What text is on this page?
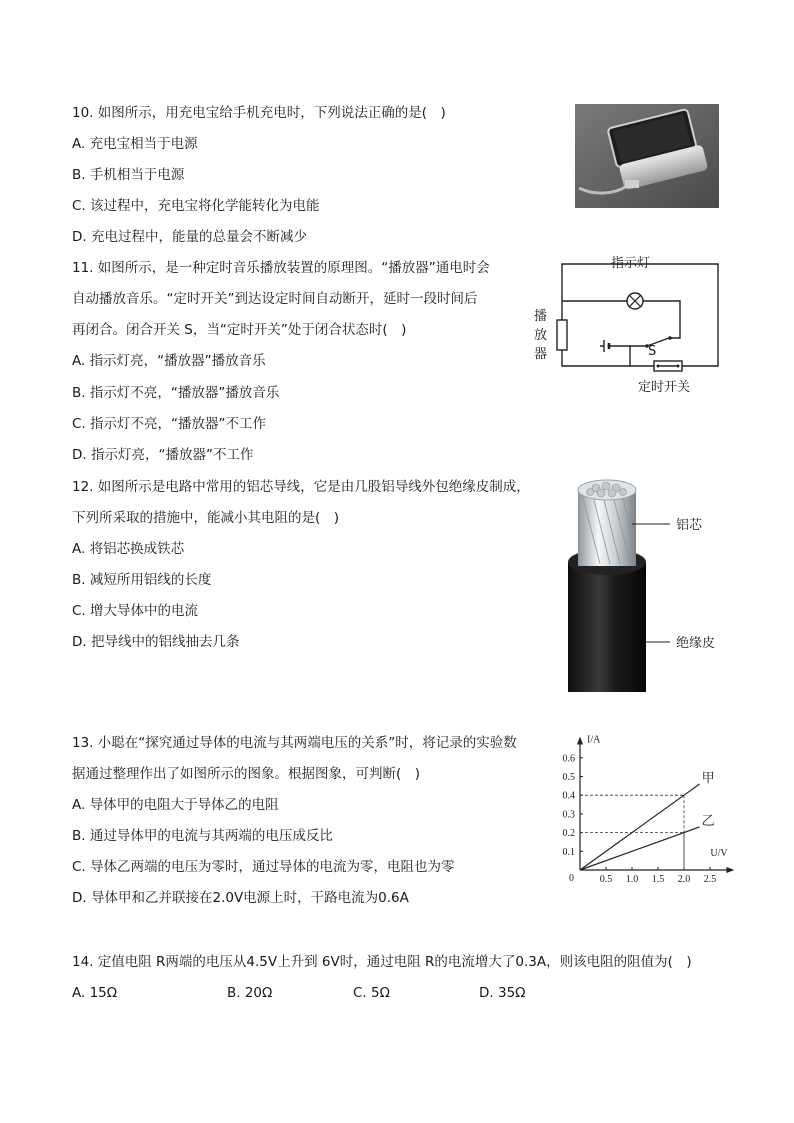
10. 如图所示，用充电宝给手机充电时，下列说法正确的是(　)
A. 充电宝相当于电源
B. 手机相当于电源
C. 该过程中，充电宝将化学能转化为电能
D. 充电过程中，能量的总量会不断减少
11. 如图所示，是一种定时音乐播放装置的原理图。“播放器”通电时会
自动播放音乐。“定时开关”到达设定时间自动断开，延时一段时间后
再闭合。闭合开关 S，当“定时开关”处于闭合状态时(　)
A. 指示灯亮，“播放器”播放音乐
B. 指示灯不亮，“播放器”播放音乐
C. 指示灯不亮，“播放器”不工作
D. 指示灯亮，“播放器”不工作
指示灯
播
放
器	S
定时开关
12. 如图所示是电路中常用的铝芯导线，它是由几股铝导线外包绝缘皮制成，
下列所采取的措施中，能减小其电阻的是(　)
A. 将铝芯换成铁芯
B. 减短所用铝线的长度
C. 增大导体中的电流
D. 把导线中的铝线抽去几条
铝芯
绝缘皮
13. 小聪在“探究通过导体的电流与其两端电压的关系”时，将记录的实验数
据通过整理作出了如图所示的图象。根据图象，可判断(　)
A. 导体甲的电阻大于导体乙的电阻
B. 通过导体甲的电流与其两端的电压成反比
C. 导体乙两端的电压为零时，通过导体的电流为零，电阻也为零
D. 导体甲和乙并联接在2.0V电源上时，干路电流为0.6A
0.5 1.0 1.5 2.0 2.5
0.1
0.2
0.3
0.4
0.5
0.6
0
I/A
U/V
甲
乙
14. 定值电阻 R两端的电压从4.5V上升到 6V时，通过电阻 R的电流增大了0.3A，则该电阻的阻值为(　)
A. 15Ω	B. 20Ω	C. 5Ω	D. 35Ω
